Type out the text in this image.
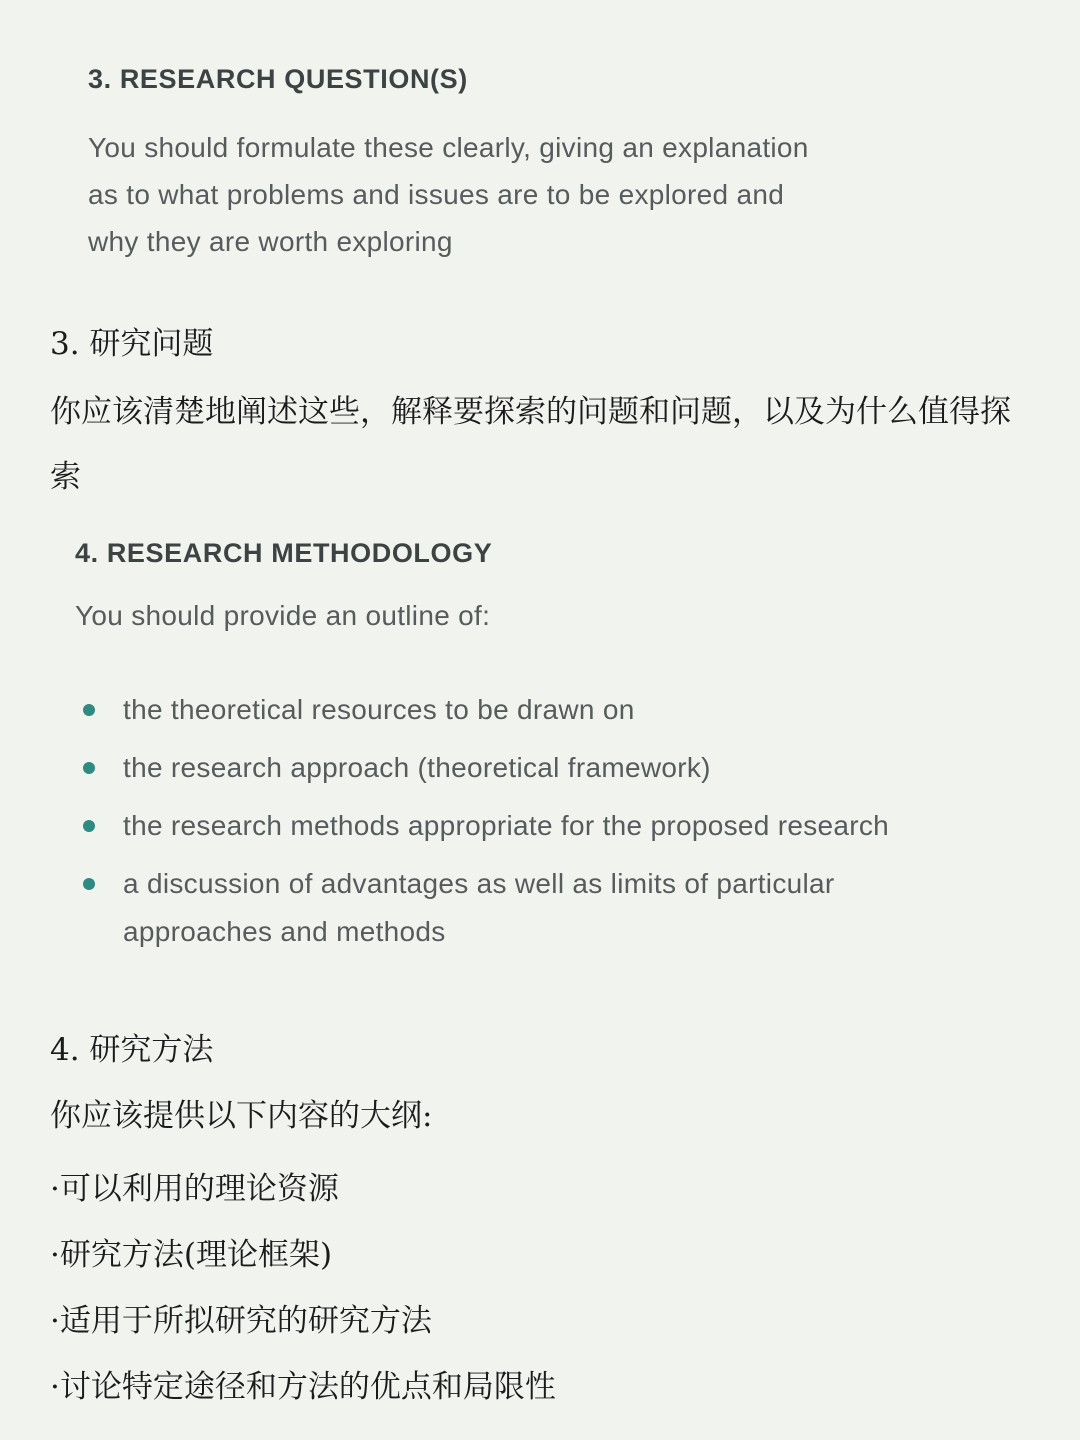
3. RESEARCH QUESTION(S)

You should formulate these clearly, giving an explanation
as to what problems and issues are to be explored and
why they are worth exploring

3. 研究问题

你应该清楚地阐述这些，解释要探索的问题和问题，以及为什么值得探索

4. RESEARCH METHODOLOGY

You should provide an outline of:

the theoretical resources to be drawn on
the research approach (theoretical framework)
the research methods appropriate for the proposed research
a discussion of advantages as well as limits of particular approaches and methods

4. 研究方法

你应该提供以下内容的大纲:

·可以利用的理论资源
·研究方法(理论框架)
·适用于所拟研究的研究方法
·讨论特定途径和方法的优点和局限性
